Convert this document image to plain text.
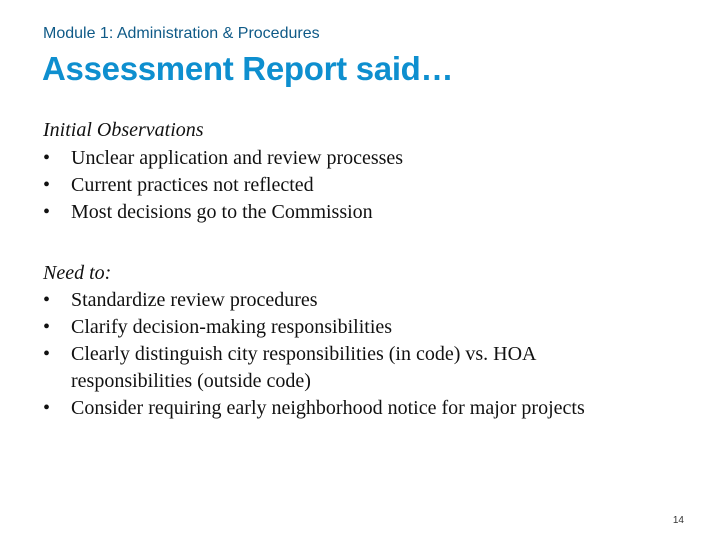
Module 1: Administration & Procedures
Assessment Report said…

Initial Observations

•	Unclear application and review processes
•	Current practices not reflected
•	Most decisions go to the Commission

Need to:

•	Standardize review procedures
•	Clarify decision-making responsibilities
•	Clearly distinguish city responsibilities (in code) vs. HOA responsibilities (outside code)
•	Consider requiring early neighborhood notice for major projects
14
